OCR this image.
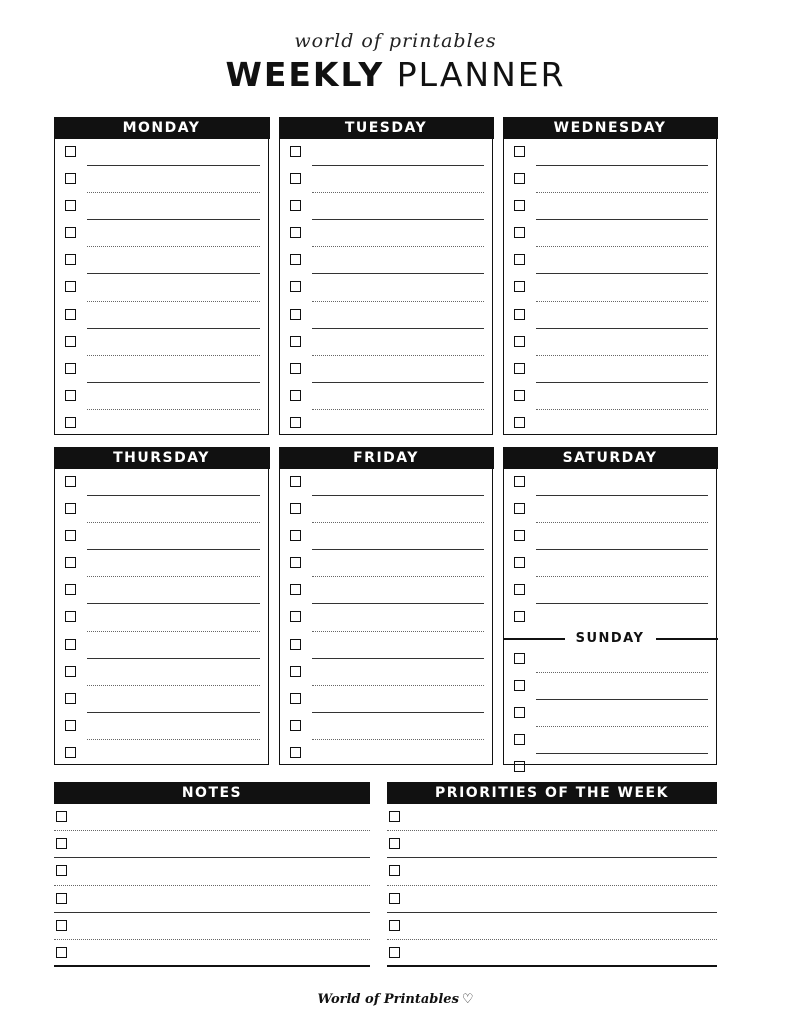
world of printables
WEEKLY PLANNER
MONDAY	TUESDAY	WEDNESDAY
THURSDAY	FRIDAY	SATURDAY
SUNDAY
NOTES	PRIORITIES OF THE WEEK
World of Printables ♡
